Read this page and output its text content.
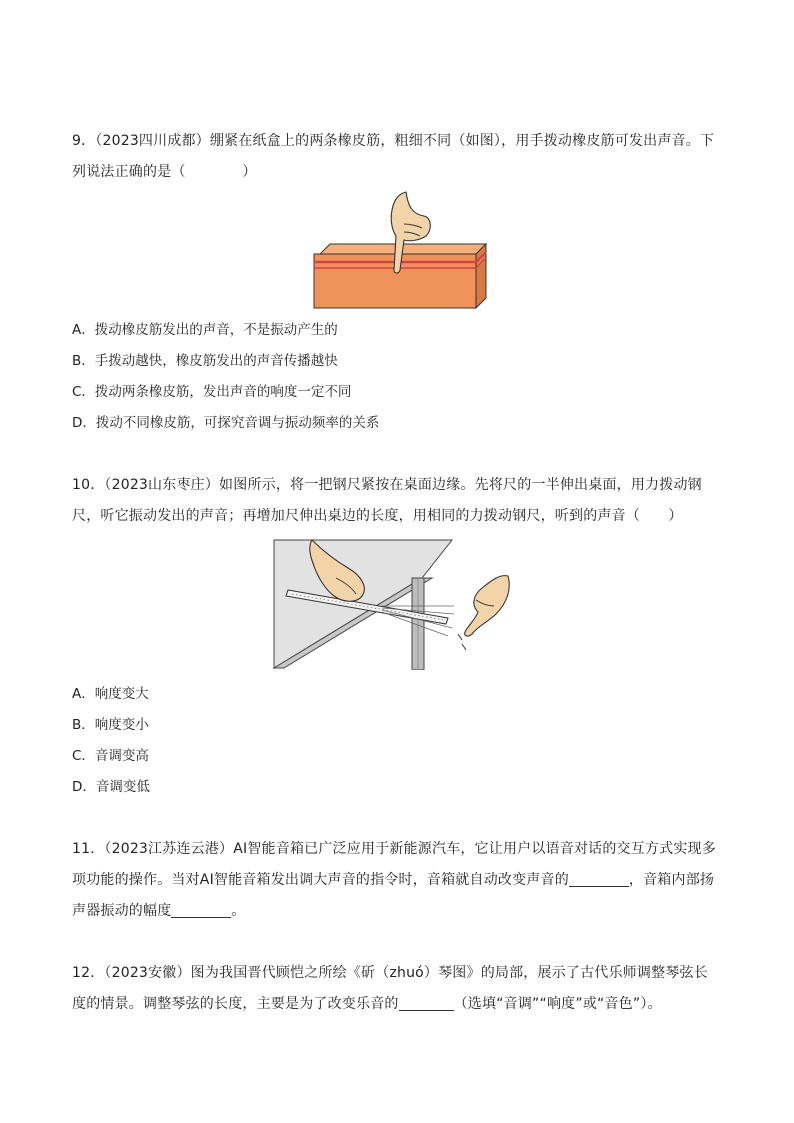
9．（2023四川成都）绷紧在纸盒上的两条橡皮筋，粗细不同（如图），用手拨动橡皮筋可发出声音。下列说法正确的是（　　　　）
A．拨动橡皮筋发出的声音，不是振动产生的
B．手拨动越快，橡皮筋发出的声音传播越快
C．拨动两条橡皮筋，发出声音的响度一定不同
D．拨动不同橡皮筋，可探究音调与振动频率的关系
10．（2023山东枣庄）如图所示，将一把钢尺紧按在桌面边缘。先将尺的一半伸出桌面，用力拨动钢尺，听它振动发出的声音；再增加尺伸出桌边的长度，用相同的力拨动钢尺，听到的声音（　　）
A．响度变大
B．响度变小
C．音调变高
D．音调变低
11．（2023江苏连云港）AI智能音箱已广泛应用于新能源汽车，它让用户以语音对话的交互方式实现多项功能的操作。当对AI智能音箱发出调大声音的指令时，音箱就自动改变声音的	，音箱内部扬声器振动的幅度	。
12．（2023安徽）图为我国晋代顾恺之所绘《斫（zhuó）琴图》的局部，展示了古代乐师调整琴弦长度的情景。调整琴弦的长度，主要是为了改变乐音的	（选填“音调”“响度”或“音色”）。
